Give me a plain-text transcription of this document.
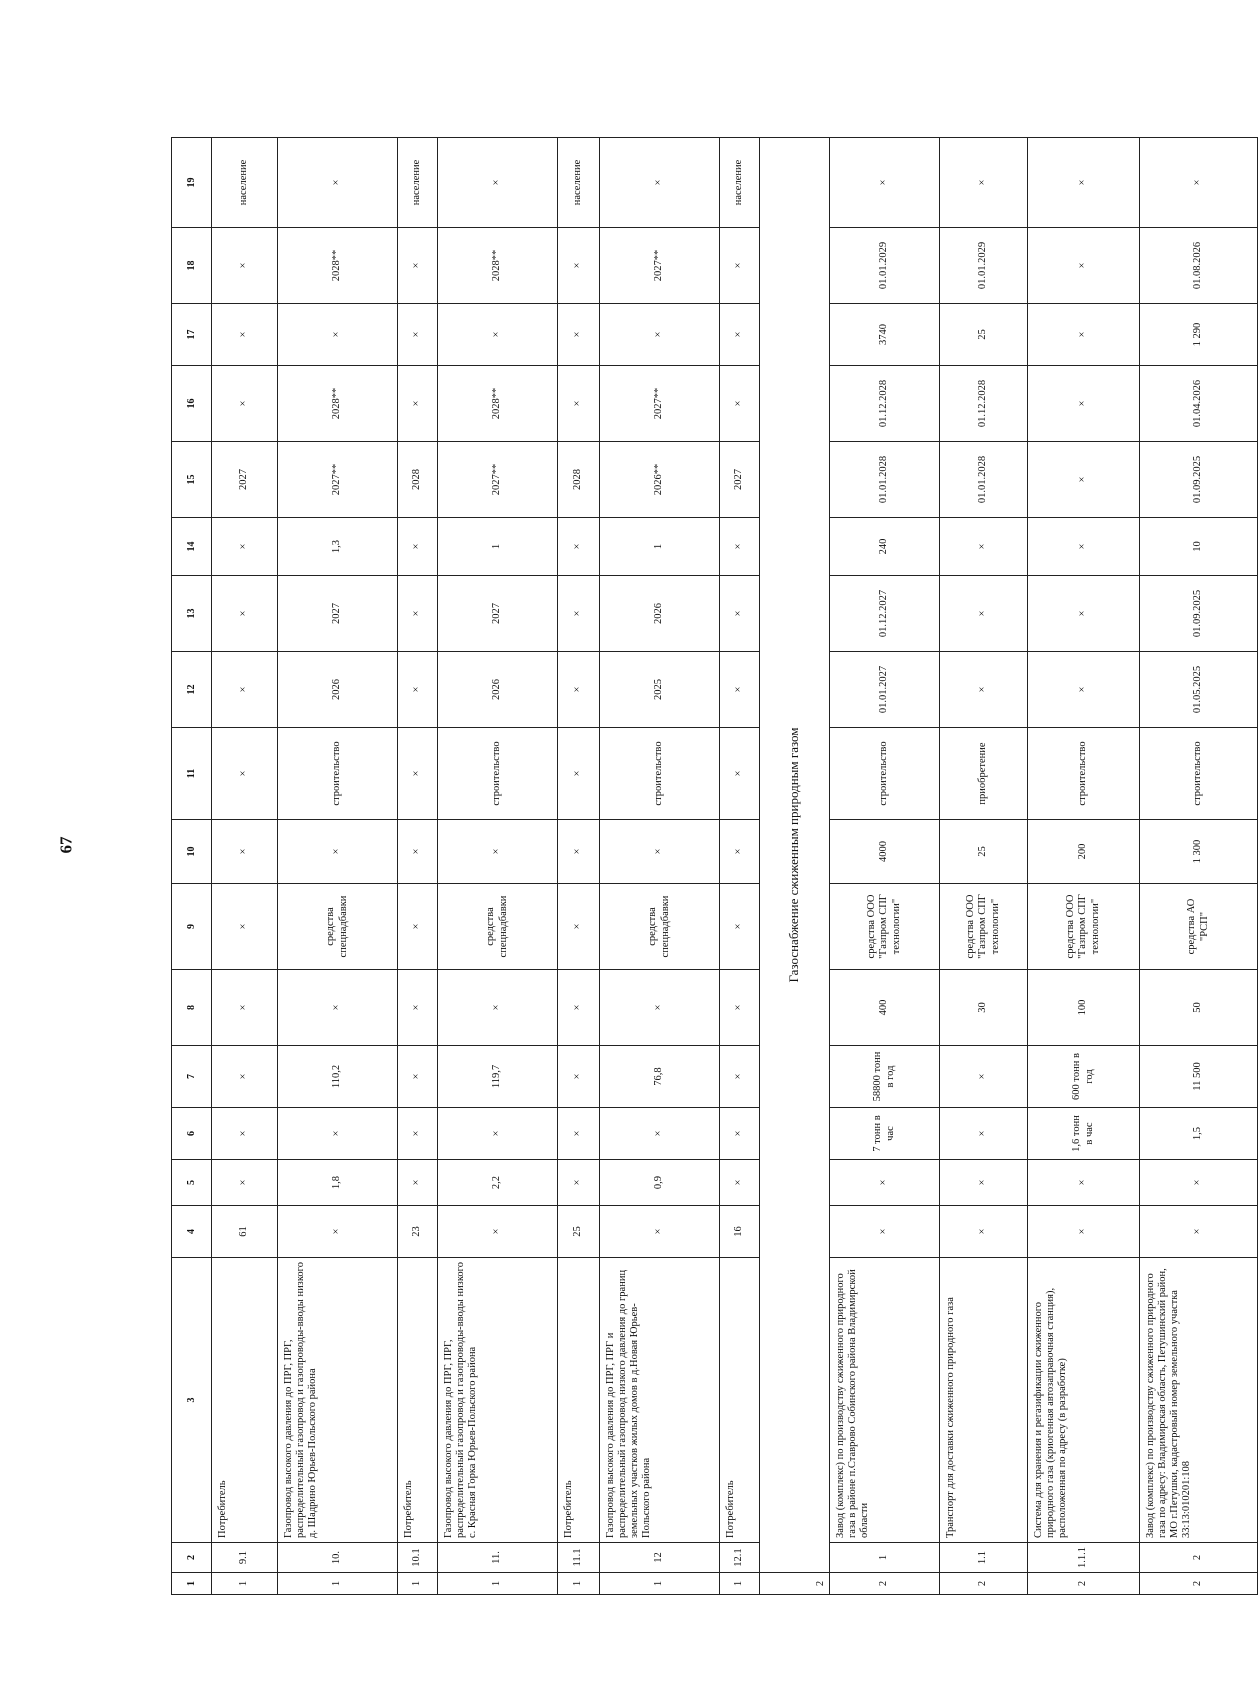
67
1	2	3	4	5	6	7	8	9	10	11	12	13	14	15	16	17	18	19
1	9.1	Потребитель	61	×	×	×	×	×	×	×	×	×	×	2027	×	×	×	население
1	10.	Газопровод высокого давления до ПРГ, ПРГ, распределительный газопровод и газопроводы-вводы низкого д. Шадрино Юрьев-Польского района	×	1,8	×	110,2	×	средства спецнадбавки	×	строительство	2026	2027	1,3	2027**	2028**	×	2028**	×
1	10.1	Потребитель	23	×	×	×	×	×	×	×	×	×	×	2028	×	×	×	население
1	11.	Газопровод высокого давления до ПРГ, ПРГ, распределительный газопровод и газопроводы-вводы низкого с. Красная Горка Юрьев-Польского района	×	2,2	×	119,7	×	средства спецнадбавки	×	строительство	2026	2027	1	2027**	2028**	×	2028**	×
1	11.1	Потребитель	25	×	×	×	×	×	×	×	×	×	×	2028	×	×	×	население
1	12	Газопровод высокого давления до ПРГ, ПРГ и распределительный газопровод низкого давления до границ земельных участков жилых домов в д.Новая Юрьев-Польского района	×	0,9	×	76,8	×	средства спецнадбавки	×	строительство	2025	2026	1	2026**	2027**	×	2027**	×
1	12.1	Потребитель	16	×	×	×	×	×	×	×	×	×	×	2027	×	×	×	население
2	Газоснабжение сжиженным природным газом																	
2	1	Завод (комплекс) по производству сжиженного природного газа в районе п.Ставрово Собинского района Владимирской области	×	×	7 тонн в час	58800 тонн в год	400	средства ООО "Газпром СПГ технологии"	4000	строительство	01.01.2027	01.12.2027	240	01.01.2028	01.12.2028	3740	01.01.2029	×
2	1.1	Транспорт для доставки сжиженного природного газа	×	×	×	×	30	средства ООО "Газпром СПГ технологии"	25	приобретение	×	×	×	01.01.2028	01.12.2028	25	01.01.2029	×
2	1.1.1	Система для хранения и регазификации сжиженного природного газа (криогенная автозаправочная станция), расположенная по адресу (в разработке)	×	×	1,6 тонн в час	600 тонн в год	100	средства ООО "Газпром СПГ технологии"	200	строительство	×	×	×	×	×	×	×	×
2	2	Завод (комплекс) по производству сжиженного природного газа по адресу: Владимирская область, Петушинский район, МО г.Петушки, кадастровый номер земельного участка 33:13:010201:108	×	×	1,5	11 500	50	средства АО "РСП"	1 300	строительство	01.05.2025	01.09.2025	10	01.09.2025	01.04.2026	1 290	01.08.2026	×
